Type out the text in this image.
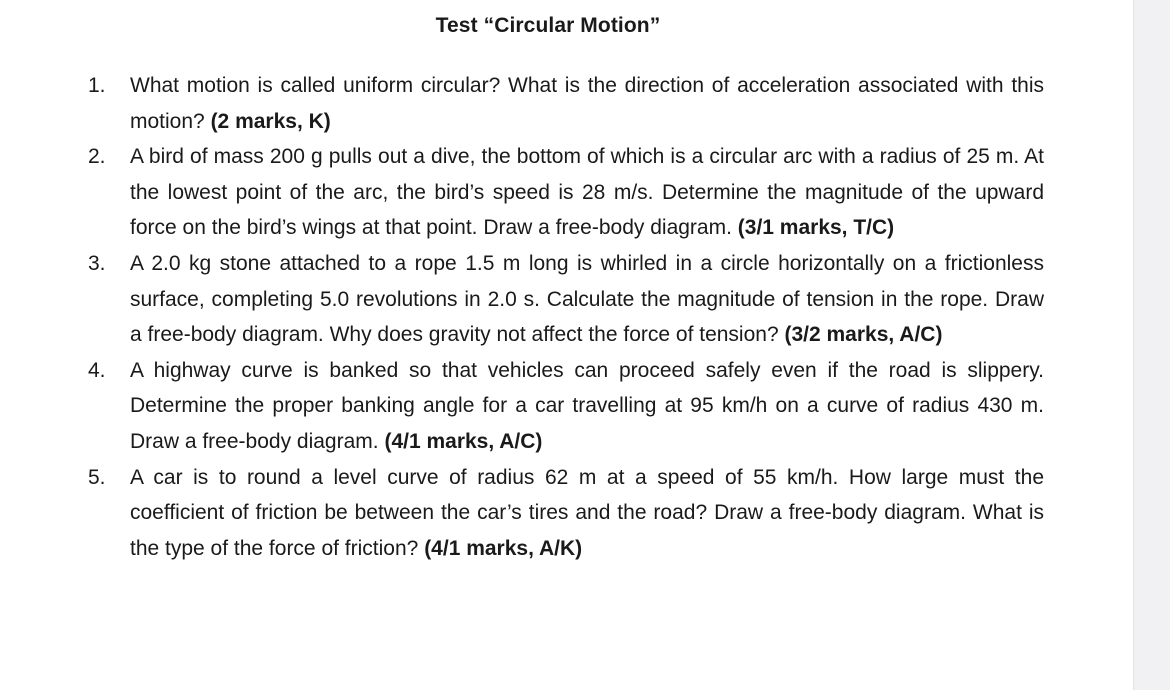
Test “Circular Motion”
1. What motion is called uniform circular? What is the direction of acceleration associated with this motion? (2 marks, K)
2. A bird of mass 200 g pulls out a dive, the bottom of which is a circular arc with a radius of 25 m. At the lowest point of the arc, the bird’s speed is 28 m/s. Determine the magnitude of the upward force on the bird’s wings at that point. Draw a free-body diagram. (3/1 marks, T/C)
3. A 2.0 kg stone attached to a rope 1.5 m long is whirled in a circle horizontally on a frictionless surface, completing 5.0 revolutions in 2.0 s. Calculate the magnitude of tension in the rope. Draw a free-body diagram. Why does gravity not affect the force of tension? (3/2 marks, A/C)
4. A highway curve is banked so that vehicles can proceed safely even if the road is slippery. Determine the proper banking angle for a car travelling at 95 km/h on a curve of radius 430 m. Draw a free-body diagram. (4/1 marks, A/C)
5. A car is to round a level curve of radius 62 m at a speed of 55 km/h. How large must the coefficient of friction be between the car’s tires and the road? Draw a free-body diagram. What is the type of the force of friction? (4/1 marks, A/K)
